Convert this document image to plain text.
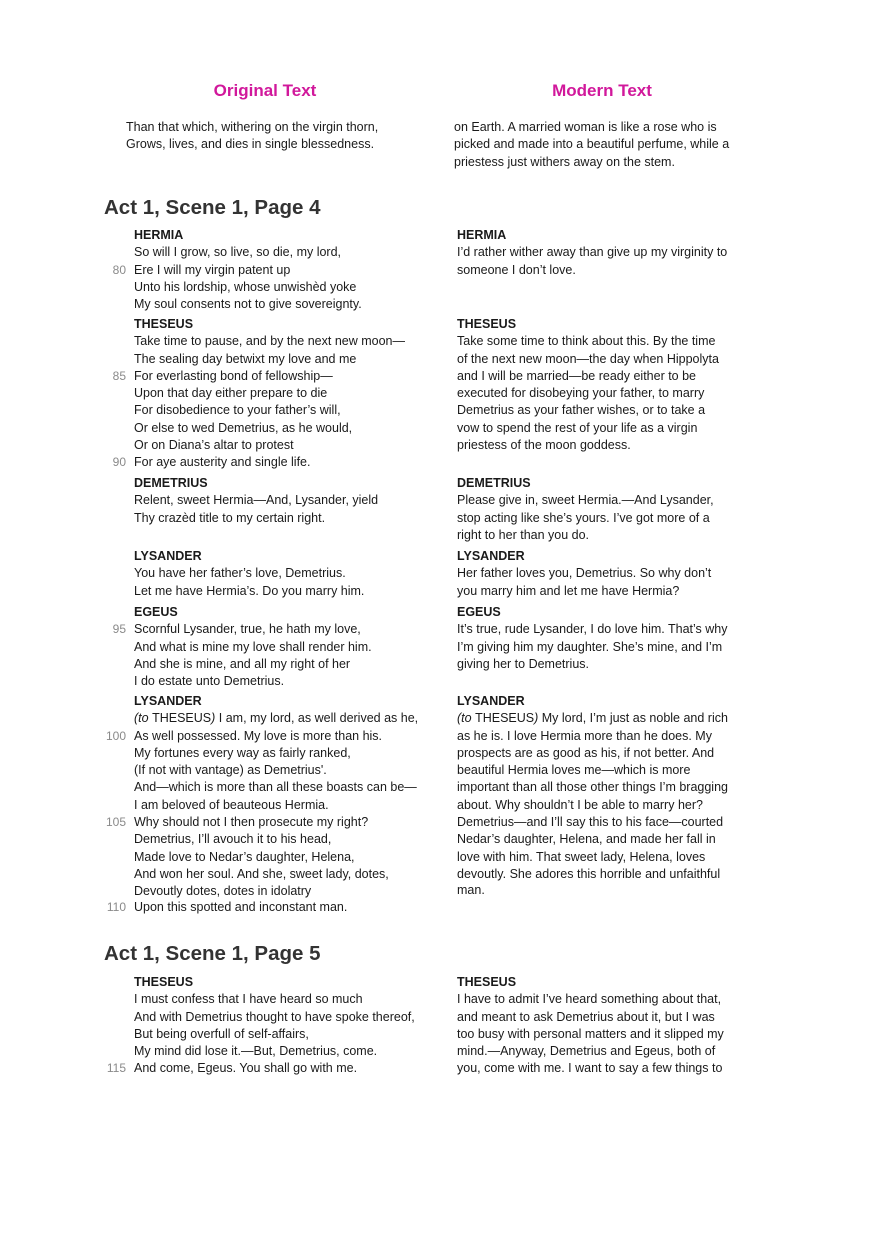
Original Text	Modern Text
Than that which, withering on the virgin thorn,
Grows, lives, and dies in single blessedness.
on Earth. A married woman is like a rose who is
picked and made into a beautiful perfume, while a
priestess just withers away on the stem.
Act 1, Scene 1, Page 4
HERMIA
So will I grow, so live, so die, my lord,
80 Ere I will my virgin patent up
Unto his lordship, whose unwishèd yoke
My soul consents not to give sovereignty.
HERMIA
I’d rather wither away than give up my virginity to
someone I don’t love.
THESEUS
Take time to pause, and by the next new moon—
The sealing day betwixt my love and me
85 For everlasting bond of fellowship—
Upon that day either prepare to die
For disobedience to your father’s will,
Or else to wed Demetrius, as he would,
Or on Diana’s altar to protest
90 For aye austerity and single life.
THESEUS
Take some time to think about this. By the time
of the next new moon—the day when Hippolyta
and I will be married—be ready either to be
executed for disobeying your father, to marry
Demetrius as your father wishes, or to take a
vow to spend the rest of your life as a virgin
priestess of the moon goddess.
DEMETRIUS
Relent, sweet Hermia—And, Lysander, yield
Thy crazèd title to my certain right.
DEMETRIUS
Please give in, sweet Hermia.—And Lysander,
stop acting like she’s yours. I’ve got more of a
right to her than you do.
LYSANDER
You have her father’s love, Demetrius.
Let me have Hermia’s. Do you marry him.
LYSANDER
Her father loves you, Demetrius. So why don’t
you marry him and let me have Hermia?
EGEUS
95 Scornful Lysander, true, he hath my love,
And what is mine my love shall render him.
And she is mine, and all my right of her
I do estate unto Demetrius.
EGEUS
It’s true, rude Lysander, I do love him. That’s why
I’m giving him my daughter. She’s mine, and I’m
giving her to Demetrius.
LYSANDER
(to THESEUS) I am, my lord, as well derived as he,
100 As well possessed. My love is more than his.
My fortunes every way as fairly ranked,
(If not with vantage) as Demetrius'.
And—which is more than all these boasts can be—
I am beloved of beauteous Hermia.
105 Why should not I then prosecute my right?
Demetrius, I’ll avouch it to his head,
Made love to Nedar’s daughter, Helena,
And won her soul. And she, sweet lady, dotes,
Devoutly dotes, dotes in idolatry
110 Upon this spotted and inconstant man.
LYSANDER
(to THESEUS) My lord, I’m just as noble and rich
as he is. I love Hermia more than he does. My
prospects are as good as his, if not better. And
beautiful Hermia loves me—which is more
important than all those other things I’m bragging
about. Why shouldn’t I be able to marry her?
Demetrius—and I’ll say this to his face—courted
Nedar’s daughter, Helena, and made her fall in
love with him. That sweet lady, Helena, loves
devoutly. She adores this horrible and unfaithful
man.
Act 1, Scene 1, Page 5
THESEUS
I must confess that I have heard so much
And with Demetrius thought to have spoke thereof,
But being overfull of self-affairs,
My mind did lose it.—But, Demetrius, come.
115 And come, Egeus. You shall go with me.
THESEUS
I have to admit I’ve heard something about that,
and meant to ask Demetrius about it, but I was
too busy with personal matters and it slipped my
mind.—Anyway, Demetrius and Egeus, both of
you, come with me. I want to say a few things to
